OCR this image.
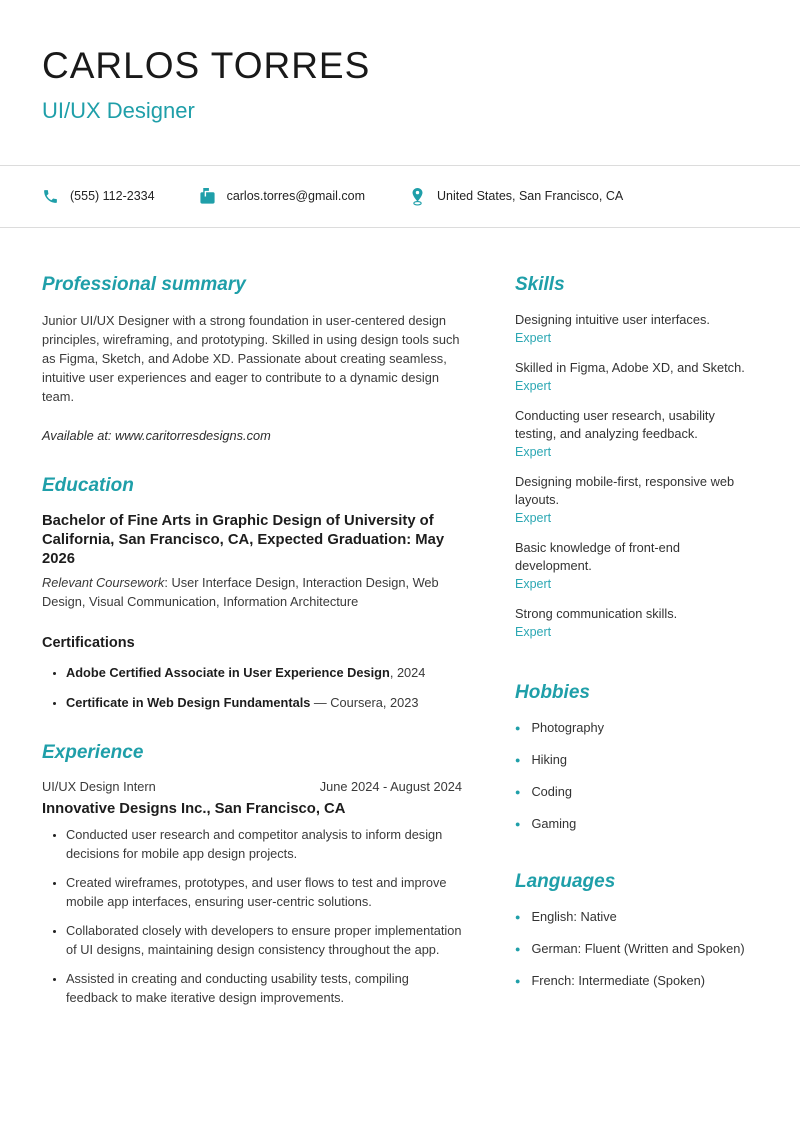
CARLOS TORRES
UI/UX Designer
(555) 112-2334	carlos.torres@gmail.com	United States, San Francisco, CA
Professional summary

Junior UI/UX Designer with a strong foundation in user-centered design principles, wireframing, and prototyping. Skilled in using design tools such as Figma, Sketch, and Adobe XD. Passionate about creating seamless, intuitive user experiences and eager to contribute to a dynamic design team.

Available at: www.caritorresdesigns.com

Education

Bachelor of Fine Arts in Graphic Design of University of California, San Francisco, CA, Expected Graduation: May 2026

Relevant Coursework: User Interface Design, Interaction Design, Web Design, Visual Communication, Information Architecture

Certifications
• Adobe Certified Associate in User Experience Design, 2024
• Certificate in Web Design Fundamentals — Coursera, 2023
Experience
UI/UX Design Intern	June 2024 - August 2024

Innovative Designs Inc., San Francisco, CA

• Conducted user research and competitor analysis to inform design decisions for mobile app design projects.
• Created wireframes, prototypes, and user flows to test and improve mobile app interfaces, ensuring user-centric solutions.
• Collaborated closely with developers to ensure proper implementation of UI designs, maintaining design consistency throughout the app.
• Assisted in creating and conducting usability tests, compiling feedback to make iterative design improvements.
Skills
Designing intuitive user interfaces.
Expert
Skilled in Figma, Adobe XD, and Sketch.
Expert
Conducting user research, usability testing, and analyzing feedback.
Expert
Designing mobile-first, responsive web layouts.
Expert
Basic knowledge of front-end development.
Expert
Strong communication skills.
Expert
Hobbies
● Photography
● Hiking
● Coding
● Gaming
Languages
● English: Native
● German: Fluent (Written and Spoken)
● French: Intermediate (Spoken)
